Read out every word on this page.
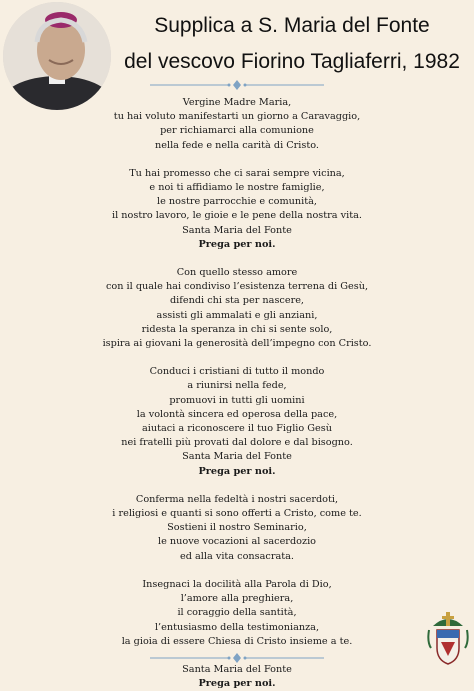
Supplica a S. Maria del Fonte
del vescovo Fiorino Tagliaferri, 1982
Vergine Madre Maria,
tu hai voluto manifestarti un giorno a Caravaggio,
per richiamarci alla comunione
nella fede e nella carità di Cristo.
Tu hai promesso che ci sarai sempre vicina,
e noi ti affidiamo le nostre famiglie,
le nostre parrocchie e comunità,
il nostro lavoro, le gioie e le pene della nostra vita.
Santa Maria del Fonte
Prega per noi.
Con quello stesso amore
con il quale hai condiviso l’esistenza terrena di Gesù,
difendi chi sta per nascere,
assisti gli ammalati e gli anziani,
ridesta la speranza in chi si sente solo,
ispira ai giovani la generosità dell’impegno con Cristo.
Conduci i cristiani di tutto il mondo
a riunirsi nella fede,
promuovi in tutti gli uomini
la volontà sincera ed operosa della pace,
aiutaci a riconoscere il tuo Figlio Gesù
nei fratelli più provati dal dolore e dal bisogno.
Santa Maria del Fonte
Prega per noi.
Conferma nella fedeltà i nostri sacerdoti,
i religiosi e quanti si sono offerti a Cristo, come te.
Sostieni il nostro Seminario,
le nuove vocazioni al sacerdozio
ed alla vita consacrata.
Insegnaci la docilità alla Parola di Dio,
l’amore alla preghiera,
il coraggio della santità,
l’entusiasmo della testimonianza,
la gioia di essere Chiesa di Cristo insieme a te.
Santa Maria del Fonte
Prega per noi.
